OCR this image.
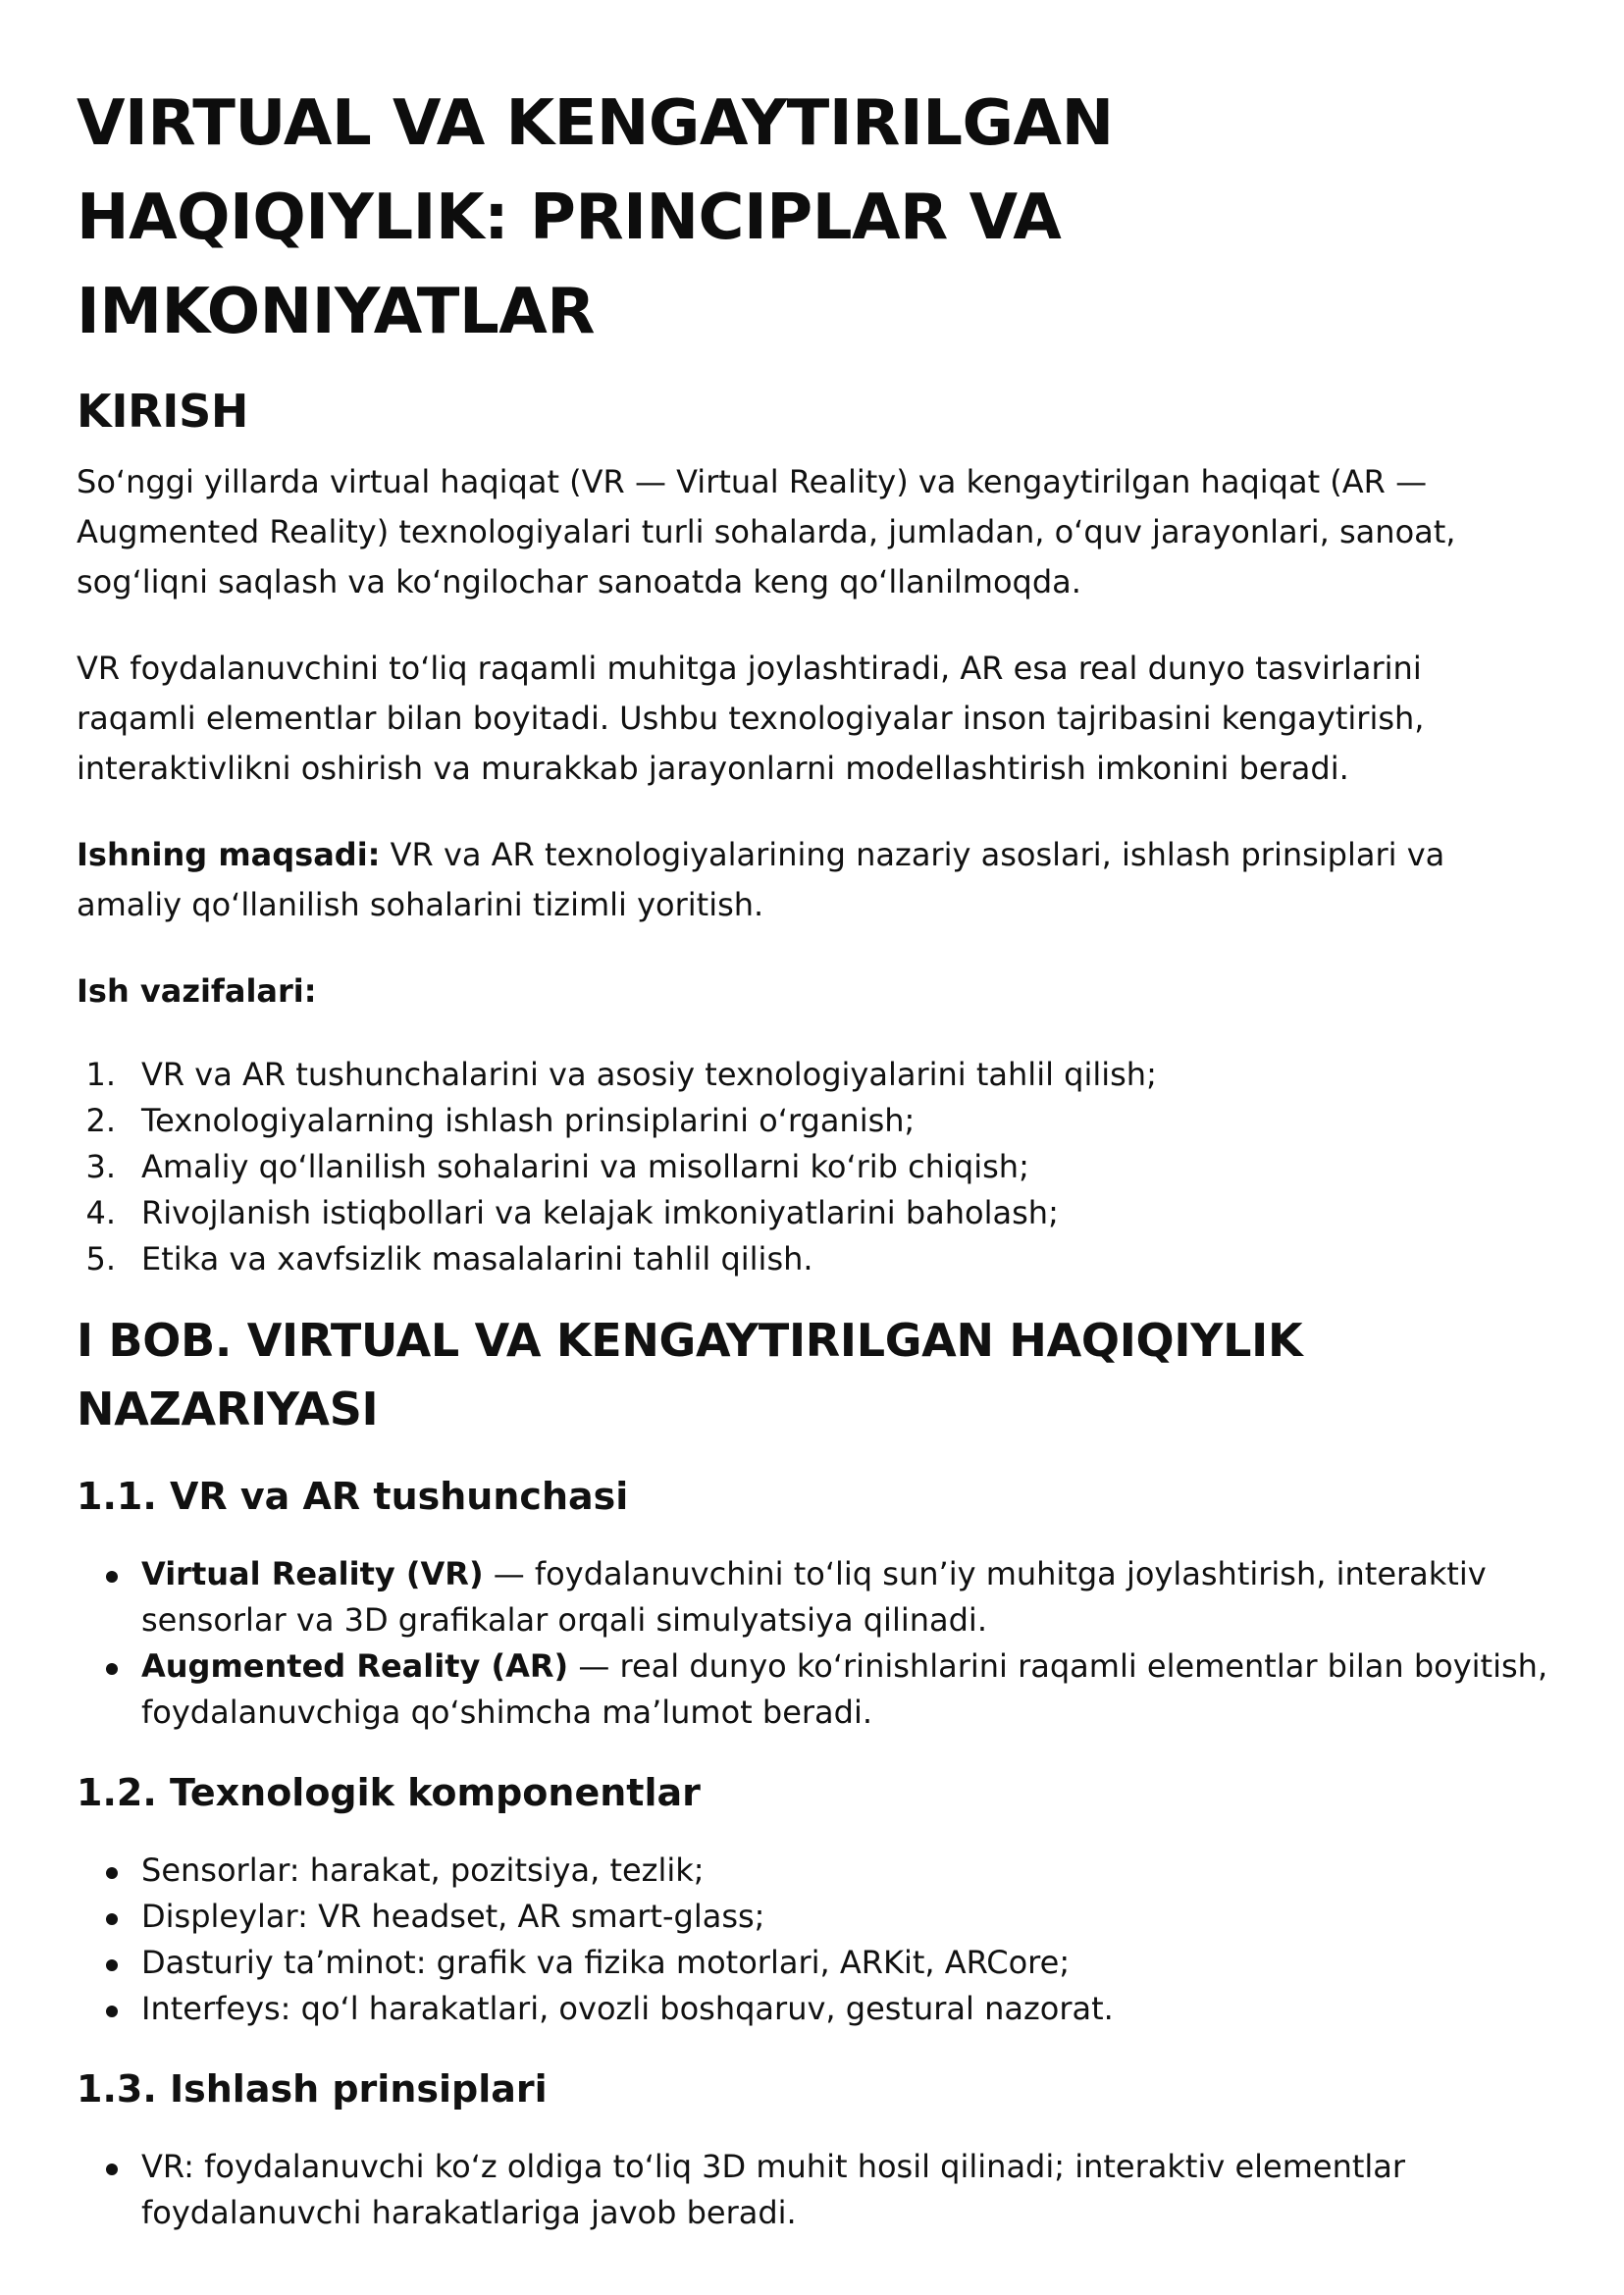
VIRTUAL VA KENGAYTIRILGAN HAQIQIYLIK: PRINCIPLAR VA IMKONIYATLAR
KIRISH

So‘nggi yillarda virtual haqiqat (VR — Virtual Reality) va kengaytirilgan haqiqat (AR — Augmented Reality) texnologiyalari turli sohalarda, jumladan, o‘quv jarayonlari, sanoat, sog‘liqni saqlash va ko‘ngilochar sanoatda keng qo‘llanilmoqda.

VR foydalanuvchini to‘liq raqamli muhitga joylashtiradi, AR esa real dunyo tasvirlarini raqamli elementlar bilan boyitadi. Ushbu texnologiyalar inson tajribasini kengaytirish, interaktivlikni oshirish va murakkab jarayonlarni modellashtirish imkonini beradi.

Ishning maqsadi: VR va AR texnologiyalarining nazariy asoslari, ishlash prinsiplari va amaliy qo‘llanilish sohalarini tizimli yoritish.

Ish vazifalari:

1. VR va AR tushunchalarini va asosiy texnologiyalarini tahlil qilish;
2. Texnologiyalarning ishlash prinsiplarini o‘rganish;
3. Amaliy qo‘llanilish sohalarini va misollarni ko‘rib chiqish;
4. Rivojlanish istiqbollari va kelajak imkoniyatlarini baholash;
5. Etika va xavfsizlik masalalarini tahlil qilish.
I BOB. VIRTUAL VA KENGAYTIRILGAN HAQIQIYLIK NAZARIYASI
1.1. VR va AR tushunchasi
Virtual Reality (VR) — foydalanuvchini to‘liq sun’iy muhitga joylashtirish, interaktiv sensorlar va 3D grafikalar orqali simulyatsiya qilinadi.
Augmented Reality (AR) — real dunyo ko‘rinishlarini raqamli elementlar bilan boyitish, foydalanuvchiga qo‘shimcha ma’lumot beradi.
1.2. Texnologik komponentlar
Sensorlar: harakat, pozitsiya, tezlik;
Displeylar: VR headset, AR smart-glass;
Dasturiy ta’minot: grafik va fizika motorlari, ARKit, ARCore;
Interfeys: qo‘l harakatlari, ovozli boshqaruv, gestural nazorat.
1.3. Ishlash prinsiplari
VR: foydalanuvchi ko‘z oldiga to‘liq 3D muhit hosil qilinadi; interaktiv elementlar foydalanuvchi harakatlariga javob beradi.
